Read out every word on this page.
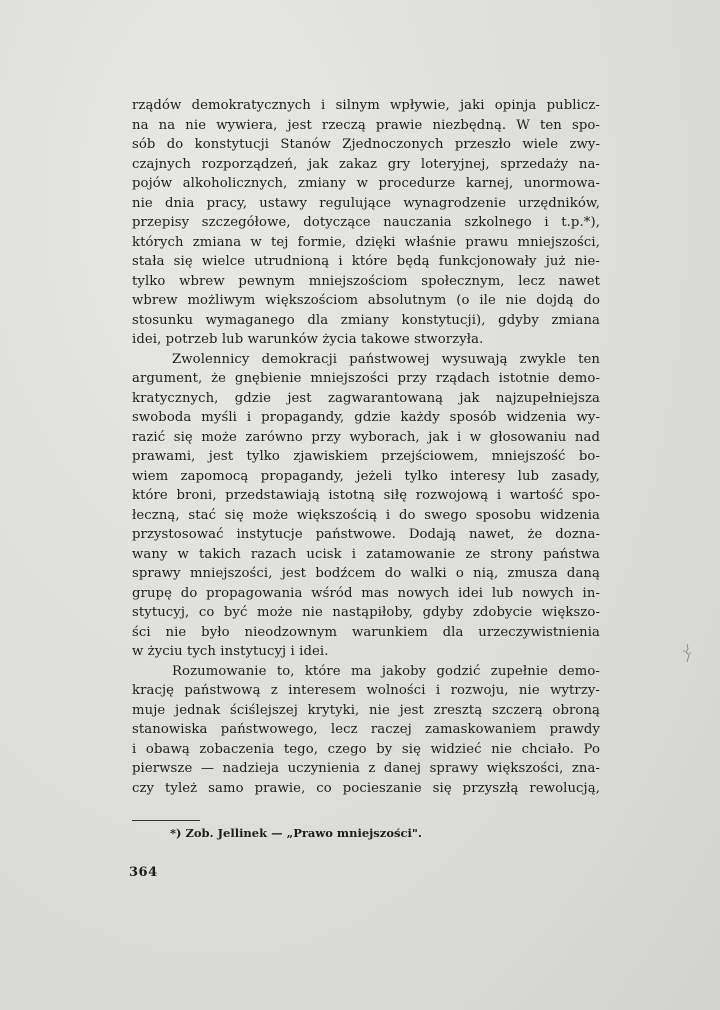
rządów demokratycznych i silnym wpływie, jaki opinja publicz-
na na nie wywiera, jest rzeczą prawie niezbędną. W ten spo-
sób do konstytucji Stanów Zjednoczonych przeszło wiele zwy-
czajnych rozporządzeń, jak zakaz gry loteryjnej, sprzedaży na-
pojów alkoholicznych, zmiany w procedurze karnej, unormowa-
nie dnia pracy, ustawy regulujące wynagrodzenie urzędników,
przepisy szczegółowe, dotyczące nauczania szkolnego i t.p.*),
których zmiana w tej formie, dzięki właśnie prawu mniejszości,
stała się wielce utrudnioną i które będą funkcjonowały już nie-
tylko wbrew pewnym mniejszościom społecznym, lecz nawet
wbrew możliwym większościom absolutnym (o ile nie dojdą do
stosunku wymaganego dla zmiany konstytucji), gdyby zmiana
idei, potrzeb lub warunków życia takowe stworzyła.
Zwolennicy demokracji państwowej wysuwają zwykle ten
argument, że gnębienie mniejszości przy rządach istotnie demo-
kratycznych, gdzie jest zagwarantowaną jak najzupełniejsza
swoboda myśli i propagandy, gdzie każdy sposób widzenia wy-
razić się może zarówno przy wyborach, jak i w głosowaniu nad
prawami, jest tylko zjawiskiem przejściowem, mniejszość bo-
wiem zapomocą propagandy, jeżeli tylko interesy lub zasady,
które broni, przedstawiają istotną siłę rozwojową i wartość spo-
łeczną, stać się może większością i do swego sposobu widzenia
przystosować instytucje państwowe. Dodają nawet, że dozna-
wany w takich razach ucisk i zatamowanie ze strony państwa
sprawy mniejszości, jest bodźcem do walki o nią, zmusza daną
grupę do propagowania wśród mas nowych idei lub nowych in-
stytucyj, co być może nie nastąpiłoby, gdyby zdobycie większo-
ści nie było nieodzownym warunkiem dla urzeczywistnienia
w życiu tych instytucyj i idei.
Rozumowanie to, które ma jakoby godzić zupełnie demo-
krację państwową z interesem wolności i rozwoju, nie wytrzy-
muje jednak ściślejszej krytyki, nie jest zresztą szczerą obroną
stanowiska państwowego, lecz raczej zamaskowaniem prawdy
i obawą zobaczenia tego, czego by się widzieć nie chciało. Po
pierwsze — nadzieja uczynienia z danej sprawy większości, zna-
czy tyleż samo prawie, co pocieszanie się przyszłą rewolucją,
*) Zob. Jellinek — „Prawo mniejszości".
364
